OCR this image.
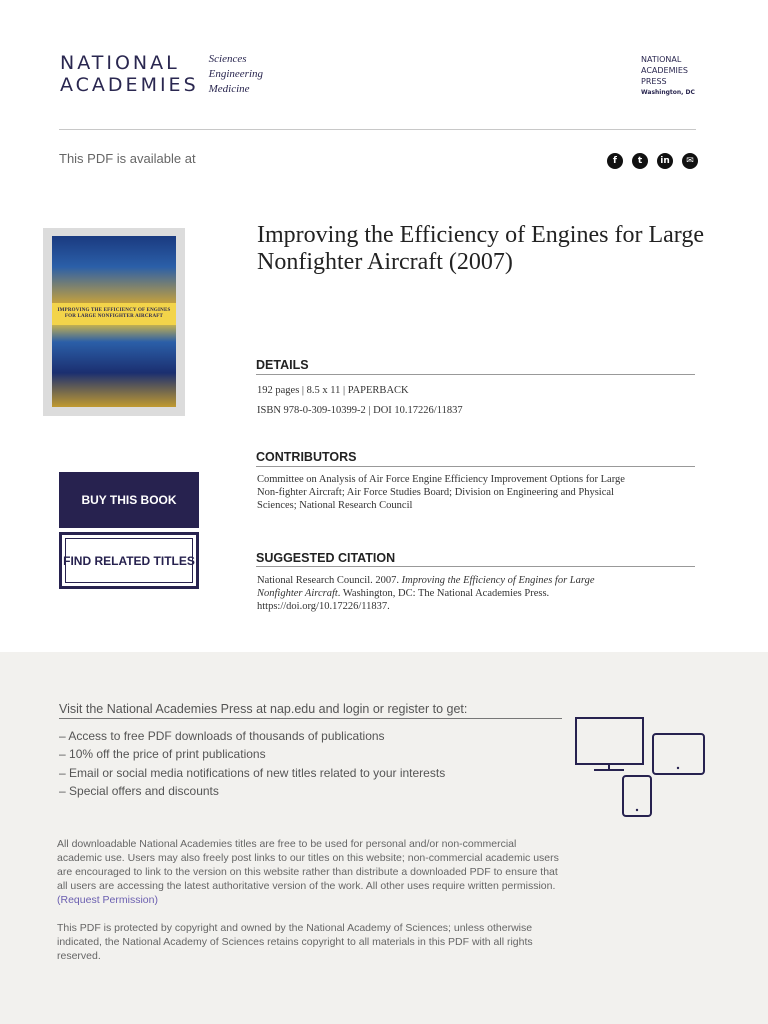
NATIONAL
ACADEMIES
Sciences
Engineering
Medicine
NATIONAL
ACADEMIES
PRESS
Washington, DC
This PDF is available at	f	t	in	✉
IMPROVING THE EFFICIENCY OF ENGINES
FOR LARGE NONFIGHTER AIRCRAFT
BUY THIS BOOK
FIND RELATED TITLES
Improving the Efficiency of Engines for Large Nonfighter Aircraft (2007)
DETAILS
192 pages | 8.5 x 11 | PAPERBACK
ISBN 978-0-309-10399-2 | DOI 10.17226/11837
CONTRIBUTORS
Committee on Analysis of Air Force Engine Efficiency Improvement Options for Large Non-fighter Aircraft; Air Force Studies Board; Division on Engineering and Physical Sciences; National Research Council
SUGGESTED CITATION
National Research Council. 2007. Improving the Efficiency of Engines for Large Nonfighter Aircraft. Washington, DC: The National Academies Press. https://doi.org/10.17226/11837.
Visit the National Academies Press at nap.edu and login or register to get:
– Access to free PDF downloads of thousands of publications
– 10% off the price of print publications
– Email or social media notifications of new titles related to your interests
– Special offers and discounts
All downloadable National Academies titles are free to be used for personal and/or non-commercial academic use. Users may also freely post links to our titles on this website; non-commercial academic users are encouraged to link to the version on this website rather than distribute a downloaded PDF to ensure that all users are accessing the latest authoritative version of the work. All other uses require written permission.  (Request Permission)
This PDF is protected by copyright and owned by the National Academy of Sciences; unless otherwise indicated, the National Academy of Sciences retains copyright to all materials in this PDF with all rights reserved.
